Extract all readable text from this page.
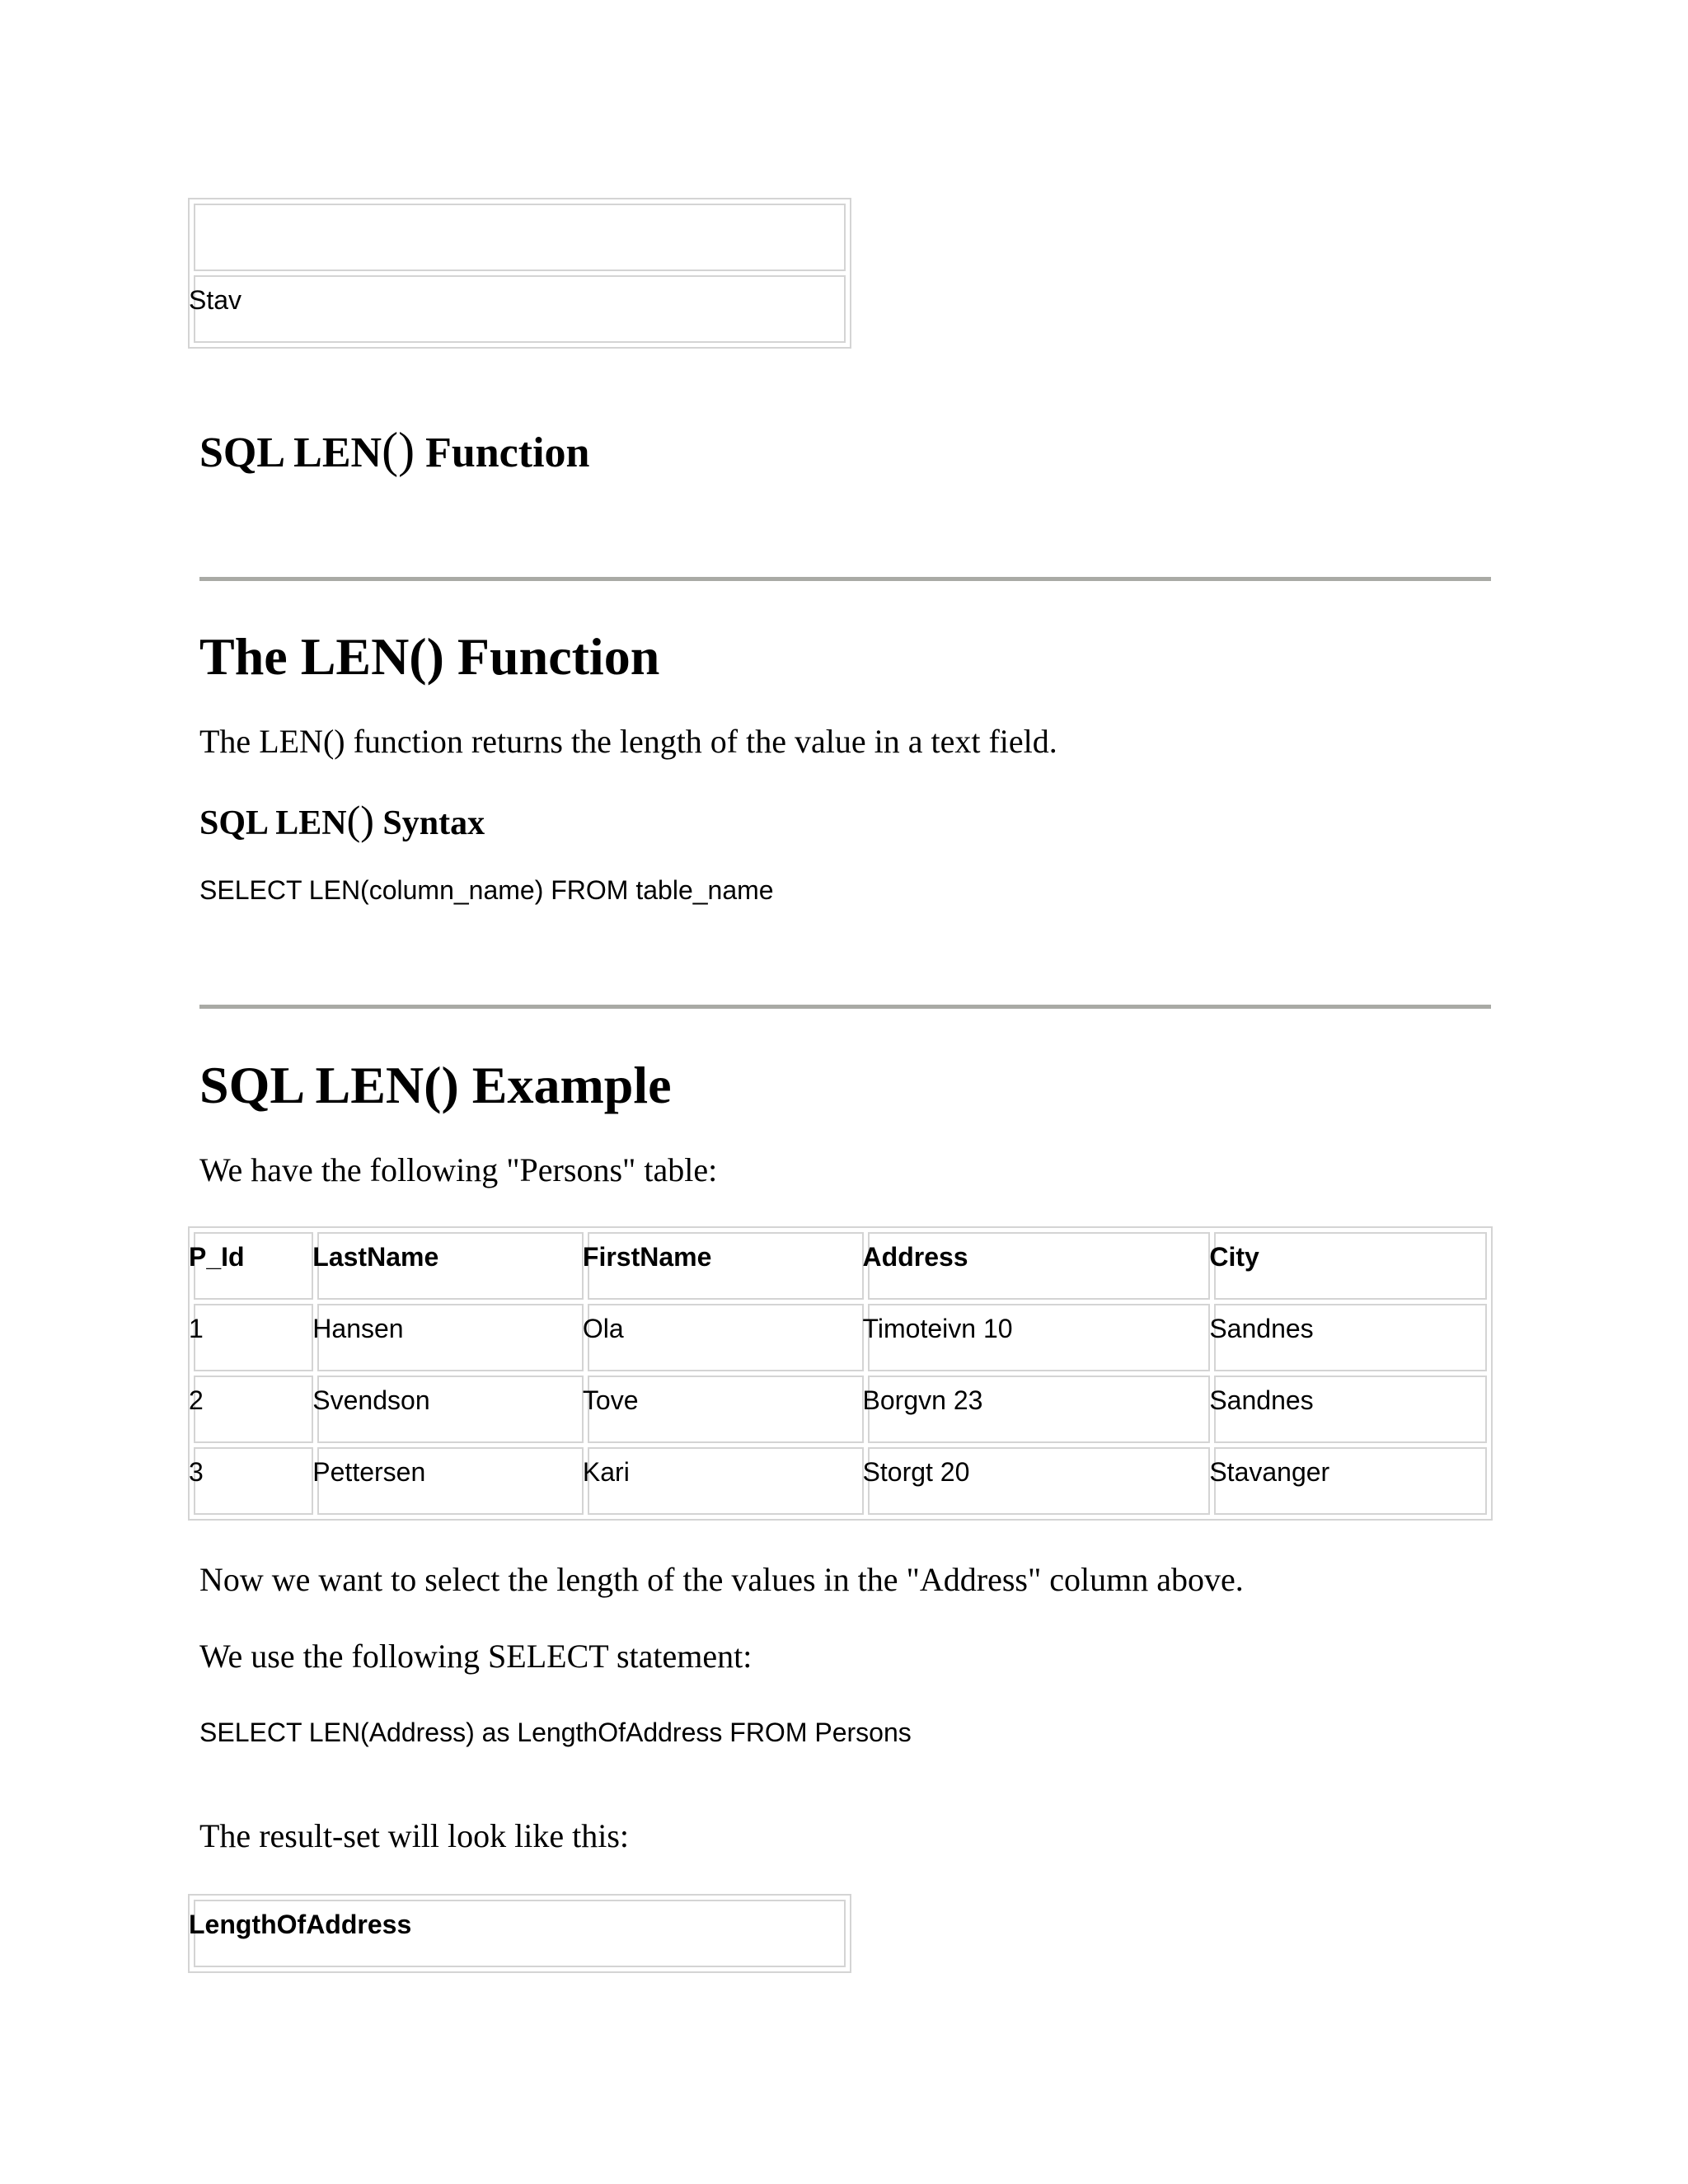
Stav
SQL LEN() Function
The LEN() Function

The LEN() function returns the length of the value in a text field.

SQL LEN() Syntax
SELECT LEN(column_name) FROM table_name
SQL LEN() Example

We have the following "Persons" table:

P_Id	LastName	FirstName	Address	City

1	Hansen	Ola	Timoteivn 10	Sandnes

2	Svendson	Tove	Borgvn 23	Sandnes

3	Pettersen	Kari	Storgt 20	Stavanger

Now we want to select the length of the values in the "Address" column above.

We use the following SELECT statement:

SELECT LEN(Address) as LengthOfAddress FROM Persons

The result-set will look like this:

LengthOfAddress
